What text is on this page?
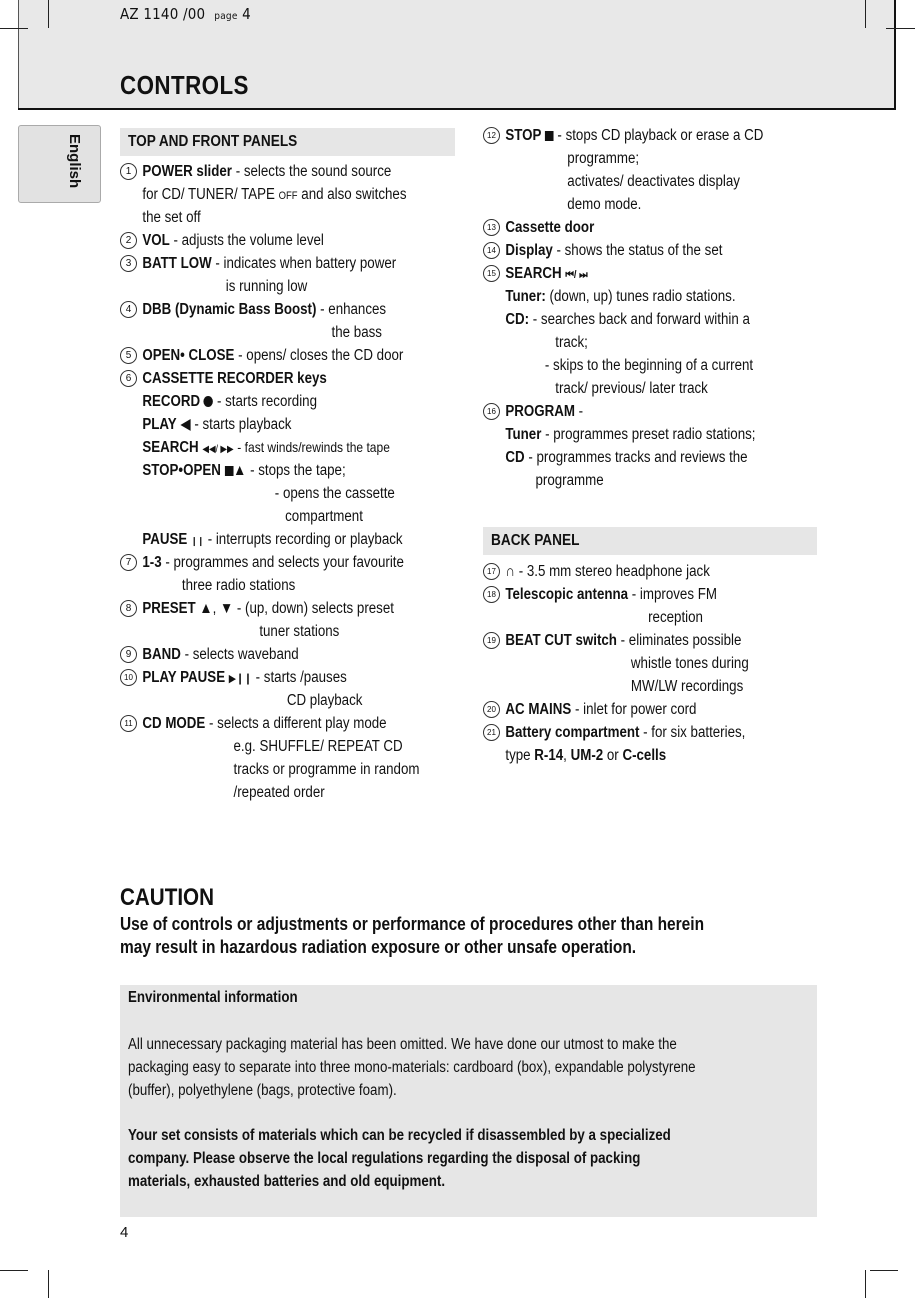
AZ 1140 /00 page 4
CONTROLS
English	TOP AND FRONT PANELS
1 POWER slider - selects the sound source
for CD/ TUNER/ TAPE OFF and also switches
the set off
2 VOL - adjusts the volume level
3 BATT LOW - indicates when battery power
is running low
4 DBB (Dynamic Bass Boost) - enhances
the bass
5 OPEN• CLOSE - opens/ closes the CD door
6 CASSETTE RECORDER keys
RECORD  - starts recording
PLAY ◀ - starts playback
SEARCH ◀◀/ ▶▶ - fast winds/rewinds the tape
STOP•OPEN ▲ - stops the tape;
- opens the cassette
compartment
PAUSE ❙❙ - interrupts recording or playback
7 1-3 - programmes and selects your favourite
three radio stations
8 PRESET ▲, ▼ - (up, down) selects preset
tuner stations
9 BAND - selects waveband
10 PLAY PAUSE ▶❙❙ - starts /pauses
CD playback
11 CD MODE - selects a different play mode
e.g. SHUFFLE/ REPEAT CD
tracks or programme in random
/repeated order
12 STOP  - stops CD playback or erase a CD
programme;
activates/ deactivates display
demo mode.
13 Cassette door
14 Display - shows the status of the set
15 SEARCH ⏮/ ⏭
Tuner: (down, up) tunes radio stations.
CD: - searches back and forward within a
track;
- skips to the beginning of a current
track/ previous/ later track
16 PROGRAM -
Tuner - programmes preset radio stations;
CD - programmes tracks and reviews the
programme
BACK PANEL
17 ∩ - 3.5 mm stereo headphone jack
18 Telescopic antenna - improves FM
reception
19 BEAT CUT switch - eliminates possible
whistle tones during
MW/LW recordings
20 AC MAINS - inlet for power cord
21 Battery compartment - for six batteries,
type R-14, UM-2 or C-cells
CAUTION
Use of controls or adjustments or performance of procedures other than herein
may result in hazardous radiation exposure or other unsafe operation.
Environmental information
All unnecessary packaging material has been omitted. We have done our utmost to make the
packaging easy to separate into three mono-materials: cardboard (box), expandable polystyrene
(buffer), polyethylene (bags, protective foam).
Your set consists of materials which can be recycled if disassembled by a specialized
company. Please observe the local regulations regarding the disposal of packing
materials, exhausted batteries and old equipment.
4
